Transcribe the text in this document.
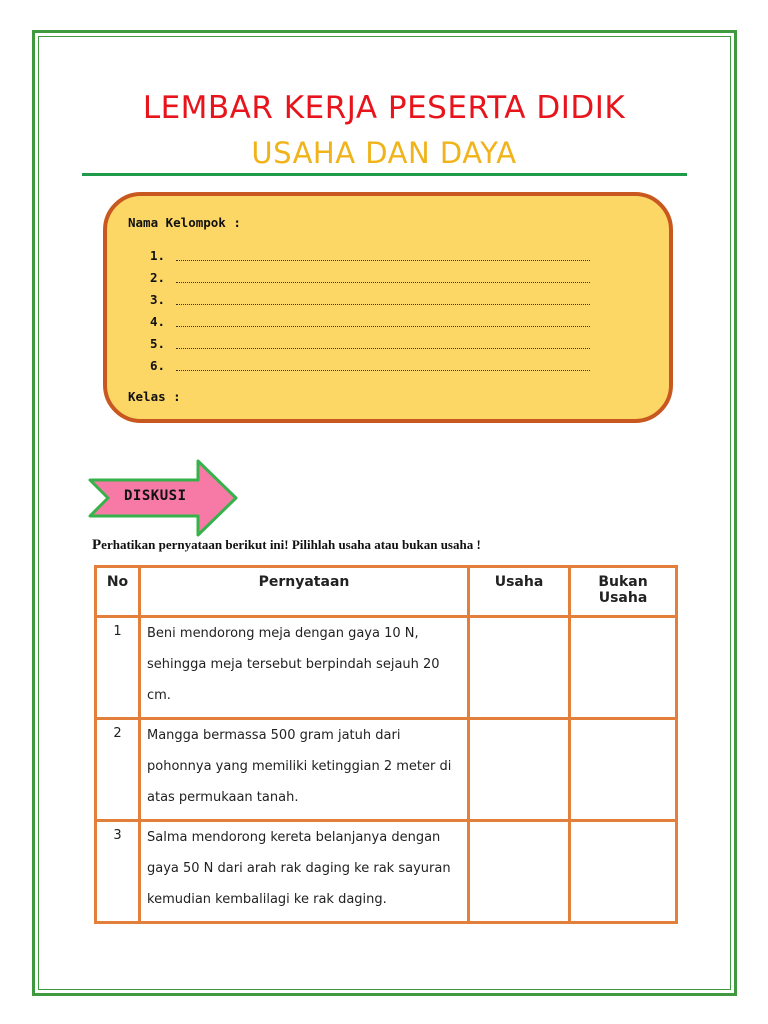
LEMBAR KERJA PESERTA DIDIK
USAHA DAN DAYA
Nama Kelompok :
1.
2.
3.
4.
5.
6.
Kelas :
DISKUSI
Perhatikan pernyataan berikut ini! Pilihlah usaha atau bukan usaha !
No	Pernyataan	Usaha	Bukan
Usaha
1	Beni mendorong meja dengan gaya 10 N, sehingga meja tersebut berpindah sejauh 20 cm.		
2	Mangga bermassa 500 gram jatuh dari pohonnya yang memiliki ketinggian 2 meter di atas permukaan tanah.		
3	Salma mendorong kereta belanjanya dengan gaya 50 N dari arah rak daging ke rak sayuran kemudian kembalilagi ke rak daging.		
